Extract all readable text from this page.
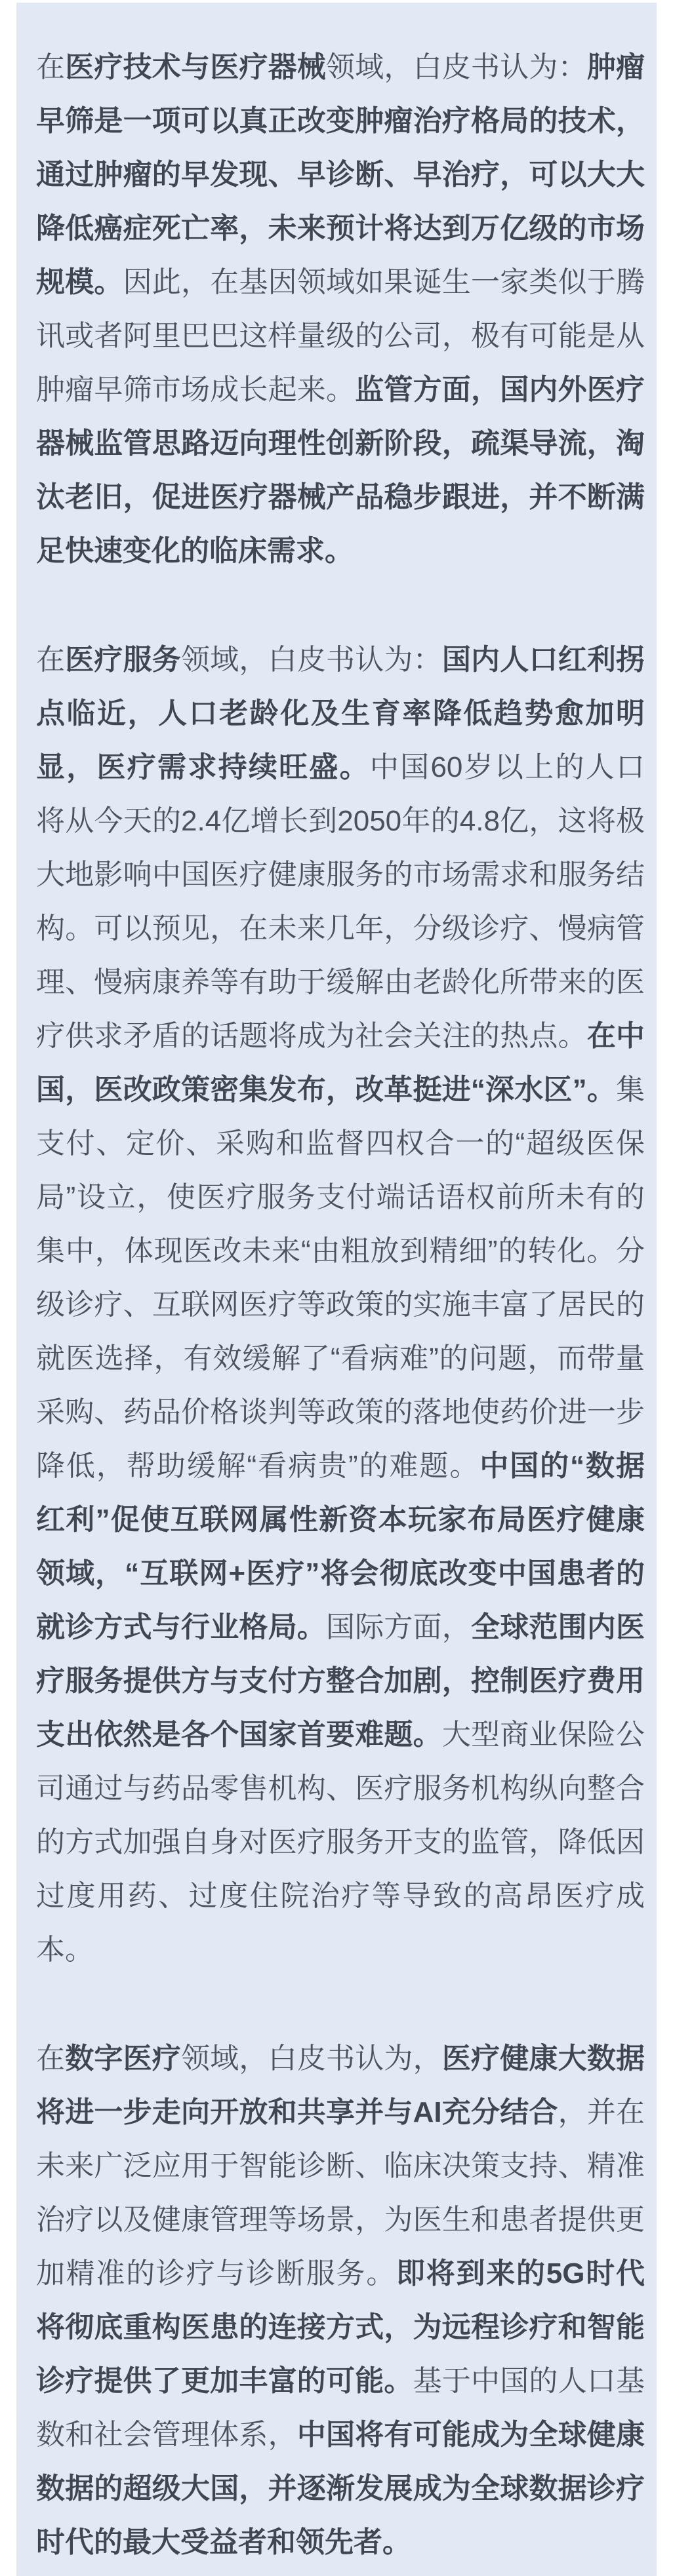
在医疗技术与医疗器械领域，白皮书认为：肿瘤早筛是一项可以真正改变肿瘤治疗格局的技术，通过肿瘤的早发现、早诊断、早治疗，可以大大降低癌症死亡率，未来预计将达到万亿级的市场规模。因此，在基因领域如果诞生一家类似于腾讯或者阿里巴巴这样量级的公司，极有可能是从肿瘤早筛市场成长起来。监管方面，国内外医疗器械监管思路迈向理性创新阶段，疏渠导流，淘汰老旧，促进医疗器械产品稳步跟进，并不断满足快速变化的临床需求。

在医疗服务领域，白皮书认为：国内人口红利拐点临近，人口老龄化及生育率降低趋势愈加明显，医疗需求持续旺盛。中国60岁以上的人口将从今天的2.4亿增长到2050年的4.8亿，这将极大地影响中国医疗健康服务的市场需求和服务结构。可以预见，在未来几年，分级诊疗、慢病管理、慢病康养等有助于缓解由老龄化所带来的医疗供求矛盾的话题将成为社会关注的热点。在中国，医改政策密集发布，改革挺进“深水区”。集支付、定价、采购和监督四权合一的“超级医保局”设立，使医疗服务支付端话语权前所未有的集中，体现医改未来“由粗放到精细”的转化。分级诊疗、互联网医疗等政策的实施丰富了居民的就医选择，有效缓解了“看病难”的问题，而带量采购、药品价格谈判等政策的落地使药价进一步降低，帮助缓解“看病贵”的难题。中国的“数据红利”促使互联网属性新资本玩家布局医疗健康领域，“互联网+医疗”将会彻底改变中国患者的就诊方式与行业格局。国际方面，全球范围内医疗服务提供方与支付方整合加剧，控制医疗费用支出依然是各个国家首要难题。大型商业保险公司通过与药品零售机构、医疗服务机构纵向整合的方式加强自身对医疗服务开支的监管，降低因过度用药、过度住院治疗等导致的高昂医疗成本。

在数字医疗领域，白皮书认为，医疗健康大数据将进一步走向开放和共享并与AI充分结合，并在未来广泛应用于智能诊断、临床决策支持、精准治疗以及健康管理等场景，为医生和患者提供更加精准的诊疗与诊断服务。即将到来的5G时代将彻底重构医患的连接方式，为远程诊疗和智能诊疗提供了更加丰富的可能。基于中国的人口基数和社会管理体系，中国将有可能成为全球健康数据的超级大国，并逐渐发展成为全球数据诊疗时代的最大受益者和领先者。
